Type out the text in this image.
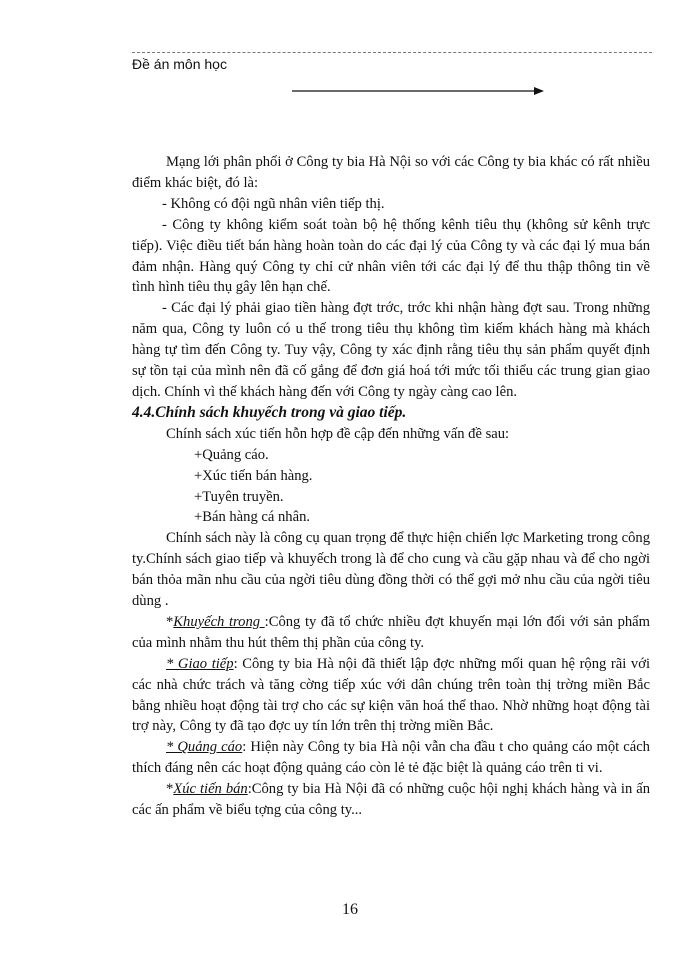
Đề án môn học

Mạng lới phân phối ở Công ty bia Hà Nội so với các Công ty bia khác có rất nhiều điểm khác biệt, đó là:

- Không có đội ngũ nhân viên tiếp thị.

- Công ty không kiểm soát toàn bộ hệ thống kênh tiêu thụ (không sử kênh trực tiếp). Việc điều tiết bán hàng hoàn toàn do các đại lý của Công ty và các đại lý mua bán đảm nhận. Hàng quý Công ty chỉ cử nhân viên tới các đại lý để thu thập thông tin về tình hình tiêu thụ gây lên hạn chế.

- Các đại lý phải giao tiền hàng đợt trớc, trớc khi nhận hàng đợt sau. Trong những năm qua, Công ty luôn có u thế trong tiêu thụ không tìm kiếm khách hàng mà khách hàng tự tìm đến Công ty. Tuy vậy, Công ty xác định rằng tiêu thụ sản phẩm quyết định sự tồn tại của mình nên đã cố gắng để đơn giá hoá tới mức tối thiểu các trung gian giao dịch. Chính vì thế khách hàng đến với Công ty ngày càng cao lên.

4.4.Chính sách khuyếch trong và giao tiếp.

Chính sách xúc tiến hỗn hợp đề cập đến những vấn đề sau:

+Quảng cáo.

+Xúc tiến bán hàng.

+Tuyên truyền.

+Bán hàng cá nhân.

Chính sách này là công cụ quan trọng để thực hiện chiến lợc Marketing trong công ty.Chính sách giao tiếp và khuyếch trong là để cho cung và cầu gặp nhau và để cho ngời bán thỏa mãn nhu cầu của ngời tiêu dùng đồng thời có thể gợi mở nhu cầu của ngời tiêu dùng .

*Khuyếch trong :Công ty đã tổ chức nhiều đợt khuyến mại lớn đối với sản phẩm của mình nhằm thu hút thêm thị phần của công ty.

* Giao tiếp: Công ty bia Hà nội đã thiết lập đợc những mối quan hệ rộng rãi với các nhà chức trách và tăng cờng tiếp xúc với dân chúng trên toàn thị trờng miền Bắc bằng nhiều hoạt động tài trợ cho các sự kiện văn hoá thể thao. Nhờ những hoạt động tài trợ này, Công ty đã tạo đợc uy tín lớn trên thị trờng miền Bắc.

* Quảng cáo: Hiện này Công ty bia Hà nội vẫn cha đầu t cho quảng cáo một cách thích đáng nên các hoạt động quảng cáo còn lẻ tẻ đặc biệt là quảng cáo trên ti vi.

*Xúc tiến bán:Công ty bia Hà Nội đã có những cuộc hội nghị khách hàng và in ấn các ấn phẩm về biểu tợng của công ty...

16
